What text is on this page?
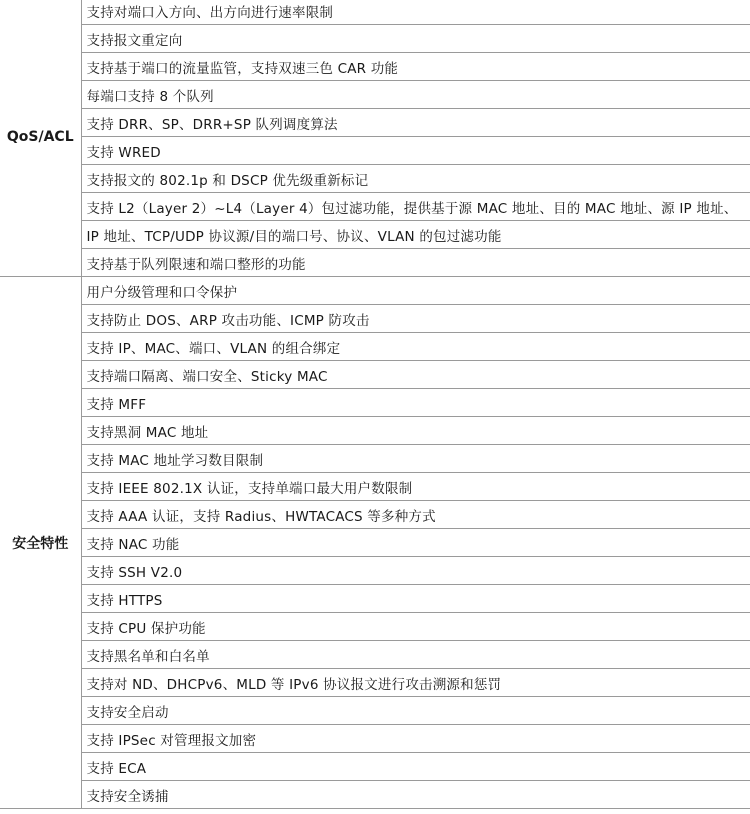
QoS/ACL	支持对端口入方向、出方向进行速率限制
	支持报文重定向
	支持基于端口的流量监管，支持双速三色 CAR 功能
	每端口支持 8 个队列
	支持 DRR、SP、DRR+SP 队列调度算法
	支持 WRED
	支持报文的 802.1p 和 DSCP 优先级重新标记
	支持 L2（Layer 2）~L4（Layer 4）包过滤功能，提供基于源 MAC 地址、目的 MAC 地址、源 IP 地址、
	IP 地址、TCP/UDP 协议源/目的端口号、协议、VLAN 的包过滤功能
	支持基于队列限速和端口整形的功能
安全特性	用户分级管理和口令保护
	支持防止 DOS、ARP 攻击功能、ICMP 防攻击
	支持 IP、MAC、端口、VLAN 的组合绑定
	支持端口隔离、端口安全、Sticky MAC
	支持 MFF
	支持黑洞 MAC 地址
	支持 MAC 地址学习数目限制
	支持 IEEE 802.1X 认证，支持单端口最大用户数限制
	支持 AAA 认证，支持 Radius、HWTACACS 等多种方式
	支持 NAC 功能
	支持 SSH V2.0
	支持 HTTPS
	支持 CPU 保护功能
	支持黑名单和白名单
	支持对 ND、DHCPv6、MLD 等 IPv6 协议报文进行攻击溯源和惩罚
	支持安全启动
	支持 IPSec 对管理报文加密
	支持 ECA
	支持安全诱捕
